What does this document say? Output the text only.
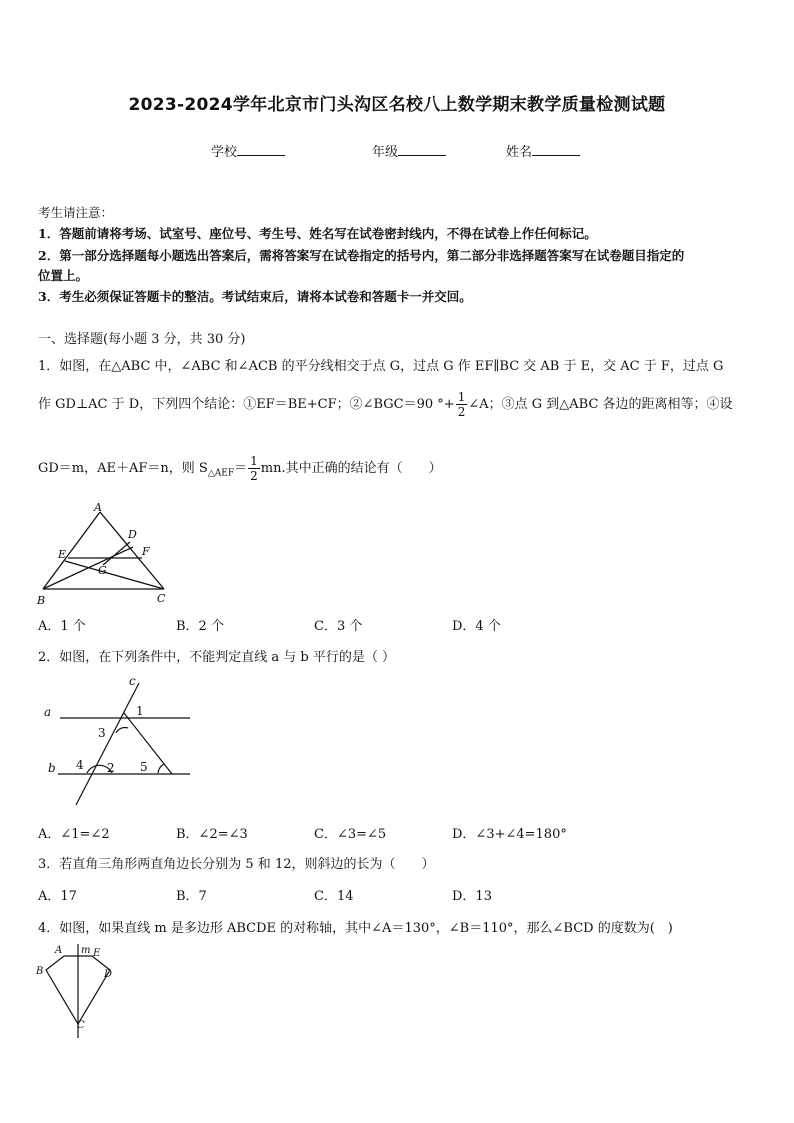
2023-2024学年北京市门头沟区名校八上数学期末教学质量检测试题
学校	年级	姓名
考生请注意：
1．答题前请将考场、试室号、座位号、考生号、姓名写在试卷密封线内，不得在试卷上作任何标记。
2．第一部分选择题每小题选出答案后，需将答案写在试卷指定的括号内，第二部分非选择题答案写在试卷题目指定的
位置上。
3．考生必须保证答题卡的整洁。考试结束后，请将本试卷和答题卡一并交回。
一、选择题(每小题 3 分，共 30 分)
1．如图，在△ABC 中，∠ABC 和∠ACB 的平分线相交于点 G，过点 G 作 EF∥BC 交 AB 于 E，交 AC 于 F，过点 G
作 GD⊥AC 于 D，下列四个结论：①EF＝BE+CF；②∠BGC＝90 °+ $\frac{1}{2}$ ∠A；③点 G 到△ABC 各边的距离相等；④设
GD＝m，AE＋AF＝n，则 $S_{\triangle AEF}= \frac{1}{2}$ mn.其中正确的结论有（　　）
A
D
E	F
G
B	C
A．1 个	B．2 个	C．3 个	D．4 个
2．如图，在下列条件中，不能判定直线 a 与 b 平行的是（ ）
c
a
b
1
3
4 2 5
A．∠1=∠2	B．∠2=∠3	C．∠3=∠5	D．∠3+∠4=180°
3．若直角三角形两直角边长分别为 5 和 12，则斜边的长为（　　）
A．17	B．7	C．14	D．13
4．如图，如果直线 m 是多边形 ABCDE 的对称轴，其中∠A＝130°，∠B＝110°，那么∠BCD 的度数为(　)
A m E
B	D
C
